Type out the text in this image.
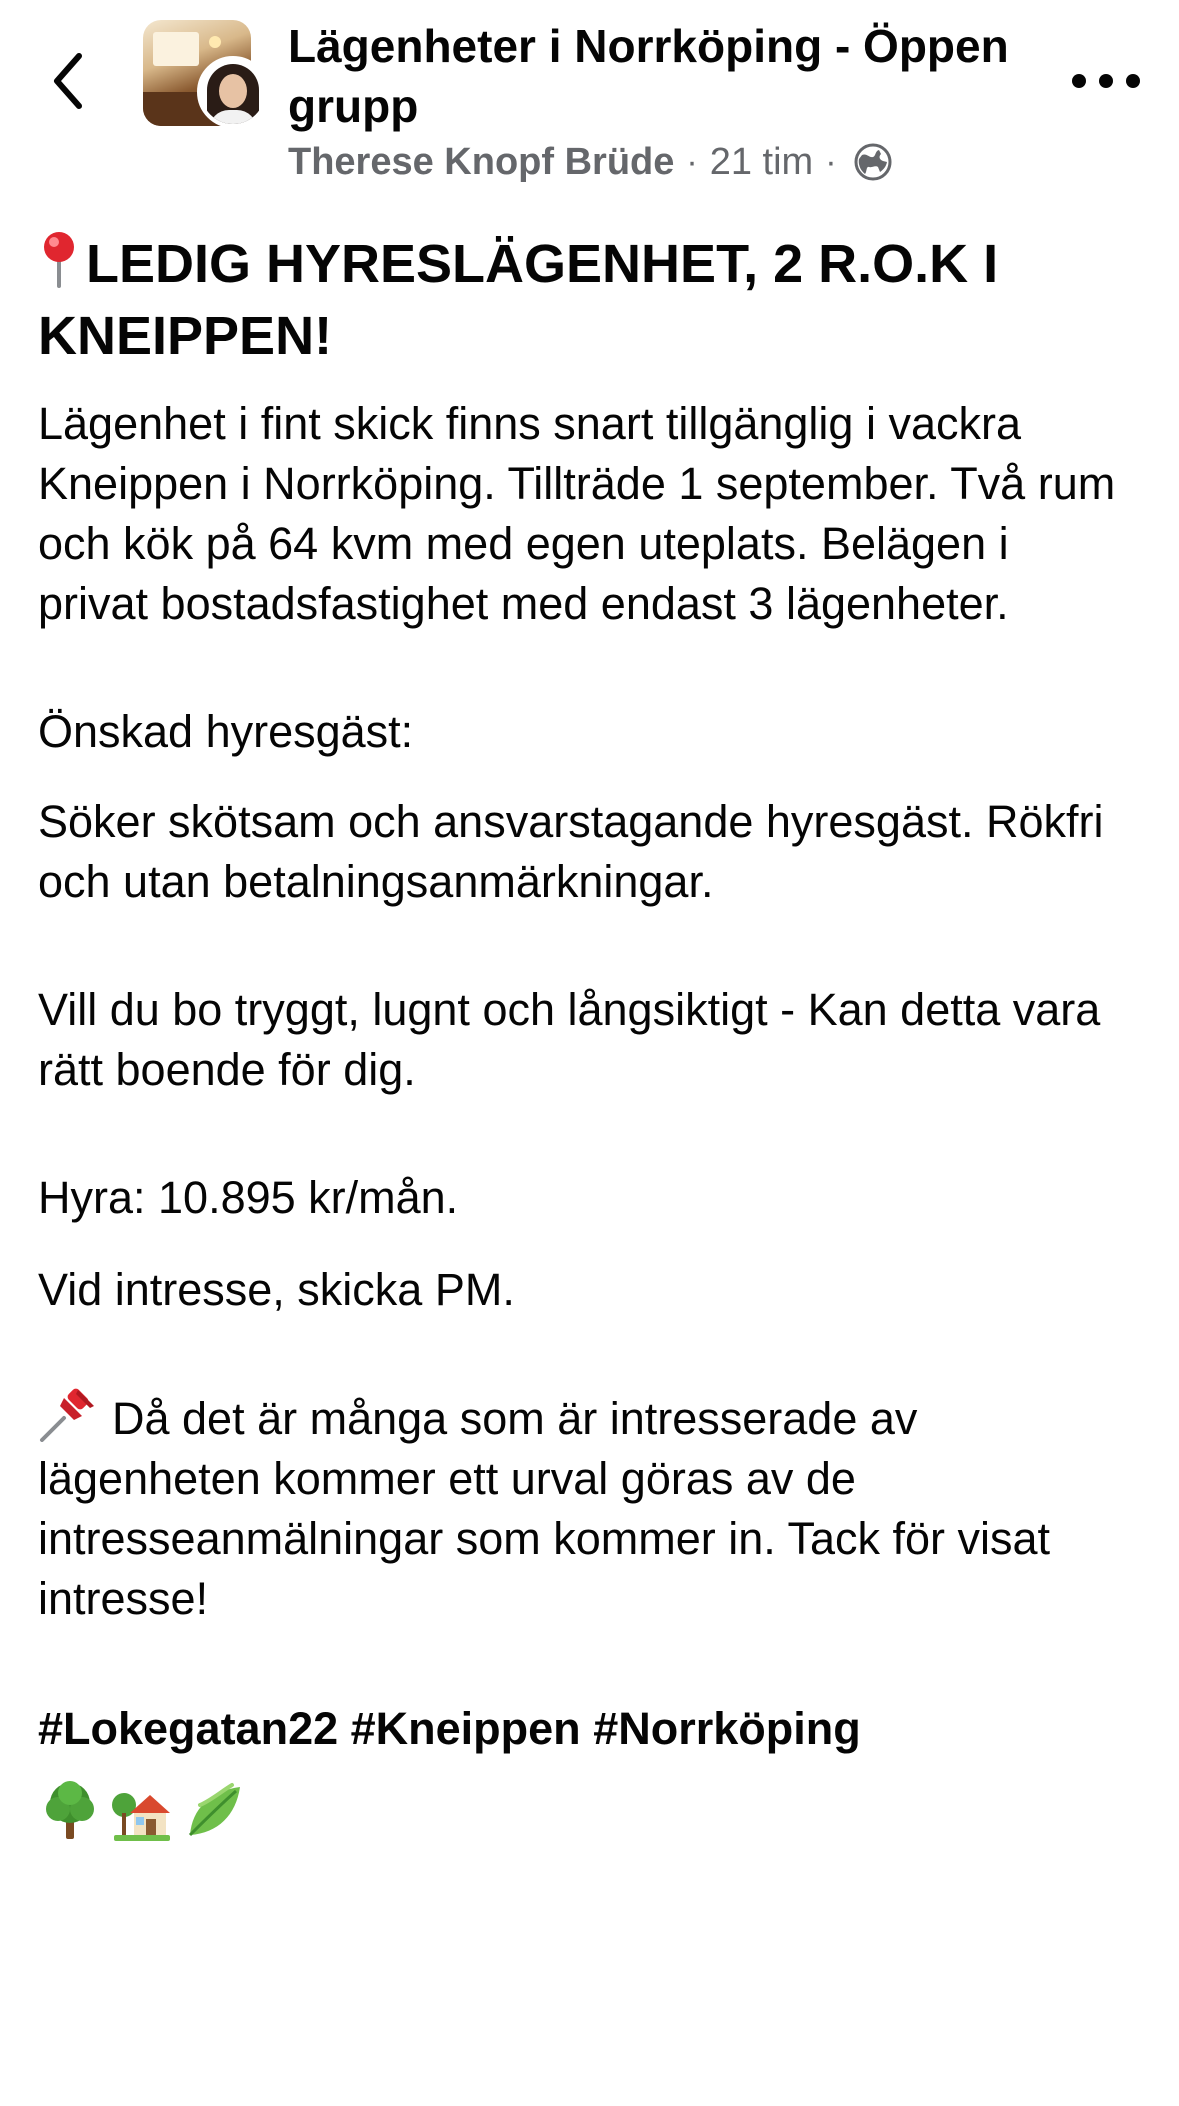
Lägenheter i Norrköping - Öppen grupp
Therese Knopf Brüde · 21 tim ·
LEDIG HYRESLÄGENHET, 2 R.O.K I KNEIPPEN!

Lägenhet i fint skick finns snart tillgänglig i vackra Kneippen i Norrköping. Tillträde 1 september. Två rum och kök på 64 kvm med egen uteplats. Belägen i privat bostadsfastighet med endast 3 lägenheter.

Önskad hyresgäst:

Söker skötsam och ansvarstagande hyresgäst. Rökfri och utan betalningsanmärkningar.

Vill du bo tryggt, lugnt och långsiktigt - Kan detta vara rätt boende för dig.

Hyra: 10.895 kr/mån.

Vid intresse, skicka PM.

Då det är många som är intresserade av lägenheten kommer ett urval göras av de intresseanmälningar som kommer in. Tack för visat intresse!

#Lokegatan22 #Kneippen #Norrköping
